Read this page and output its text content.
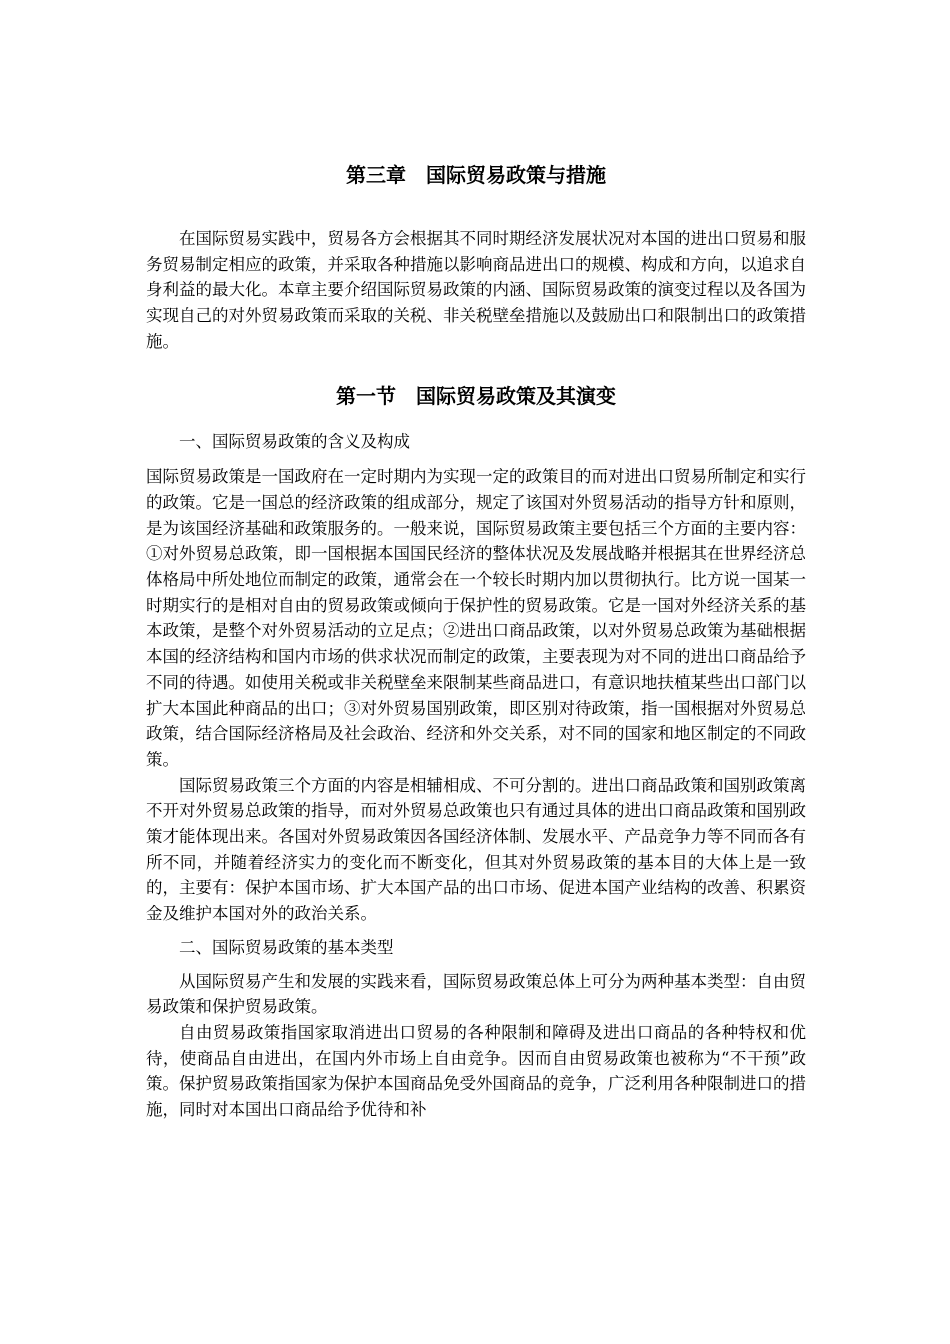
第三章　国际贸易政策与措施

在国际贸易实践中，贸易各方会根据其不同时期经济发展状况对本国的进出口贸易和服务贸易制定相应的政策，并采取各种措施以影响商品进出口的规模、构成和方向，以追求自身利益的最大化。本章主要介绍国际贸易政策的内涵、国际贸易政策的演变过程以及各国为实现自己的对外贸易政策而采取的关税、非关税壁垒措施以及鼓励出口和限制出口的政策措施。

第一节　国际贸易政策及其演变
一、国际贸易政策的含义及构成

国际贸易政策是一国政府在一定时期内为实现一定的政策目的而对进出口贸易所制定和实行的政策。它是一国总的经济政策的组成部分，规定了该国对外贸易活动的指导方针和原则，是为该国经济基础和政策服务的。一般来说，国际贸易政策主要包括三个方面的主要内容：①对外贸易总政策，即一国根据本国国民经济的整体状况及发展战略并根据其在世界经济总体格局中所处地位而制定的政策，通常会在一个较长时期内加以贯彻执行。比方说一国某一时期实行的是相对自由的贸易政策或倾向于保护性的贸易政策。它是一国对外经济关系的基本政策，是整个对外贸易活动的立足点；②进出口商品政策，以对外贸易总政策为基础根据本国的经济结构和国内市场的供求状况而制定的政策，主要表现为对不同的进出口商品给予不同的待遇。如使用关税或非关税壁垒来限制某些商品进口，有意识地扶植某些出口部门以扩大本国此种商品的出口；③对外贸易国别政策，即区别对待政策，指一国根据对外贸易总政策，结合国际经济格局及社会政治、经济和外交关系，对不同的国家和地区制定的不同政策。

国际贸易政策三个方面的内容是相辅相成、不可分割的。进出口商品政策和国别政策离不开对外贸易总政策的指导，而对外贸易总政策也只有通过具体的进出口商品政策和国别政策才能体现出来。各国对外贸易政策因各国经济体制、发展水平、产品竞争力等不同而各有所不同，并随着经济实力的变化而不断变化，但其对外贸易政策的基本目的大体上是一致的，主要有：保护本国市场、扩大本国产品的出口市场、促进本国产业结构的改善、积累资金及维护本国对外的政治关系。

二、国际贸易政策的基本类型

从国际贸易产生和发展的实践来看，国际贸易政策总体上可分为两种基本类型：自由贸易政策和保护贸易政策。

自由贸易政策指国家取消进出口贸易的各种限制和障碍及进出口商品的各种特权和优待，使商品自由进出，在国内外市场上自由竞争。因而自由贸易政策也被称为“不干预”政策。保护贸易政策指国家为保护本国商品免受外国商品的竞争，广泛利用各种限制进口的措施，同时对本国出口商品给予优待和补
